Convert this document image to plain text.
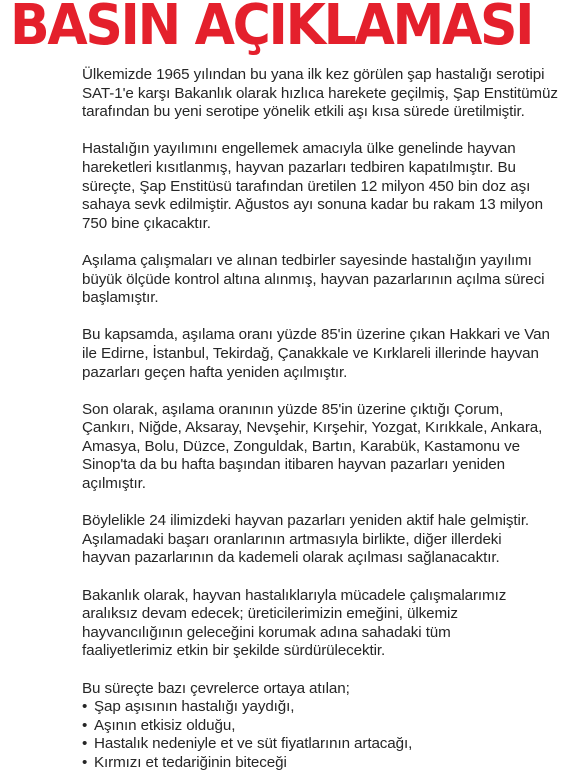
BASIN AÇIKLAMASI

Ülkemizde 1965 yılından bu yana ilk kez görülen şap hastalığı serotipi
SAT-1'e karşı Bakanlık olarak hızlıca harekete geçilmiş, Şap Enstitümüz
tarafından bu yeni serotipe yönelik etkili aşı kısa sürede üretilmiştir.

Hastalığın yayılımını engellemek amacıyla ülke genelinde hayvan
hareketleri kısıtlanmış, hayvan pazarları tedbiren kapatılmıştır. Bu
süreçte, Şap Enstitüsü tarafından üretilen 12 milyon 450 bin doz aşı
sahaya sevk edilmiştir. Ağustos ayı sonuna kadar bu rakam 13 milyon
750 bine çıkacaktır.

Aşılama çalışmaları ve alınan tedbirler sayesinde hastalığın yayılımı
büyük ölçüde kontrol altına alınmış, hayvan pazarlarının açılma süreci
başlamıştır.

Bu kapsamda, aşılama oranı yüzde 85'in üzerine çıkan Hakkari ve Van
ile Edirne, İstanbul, Tekirdağ, Çanakkale ve Kırklareli illerinde hayvan
pazarları geçen hafta yeniden açılmıştır.

Son olarak, aşılama oranının yüzde 85'in üzerine çıktığı Çorum,
Çankırı, Niğde, Aksaray, Nevşehir, Kırşehir, Yozgat, Kırıkkale, Ankara,
Amasya, Bolu, Düzce, Zonguldak, Bartın, Karabük, Kastamonu ve
Sinop'ta da bu hafta başından itibaren hayvan pazarları yeniden
açılmıştır.

Böylelikle 24 ilimizdeki hayvan pazarları yeniden aktif hale gelmiştir.
Aşılamadaki başarı oranlarının artmasıyla birlikte, diğer illerdeki
hayvan pazarlarının da kademeli olarak açılması sağlanacaktır.

Bakanlık olarak, hayvan hastalıklarıyla mücadele çalışmalarımız
aralıksız devam edecek; üreticilerimizin emeğini, ülkemiz
hayvancılığının geleceğini korumak adına sahadaki tüm
faaliyetlerimiz etkin bir şekilde sürdürülecektir.

Bu süreçte bazı çevrelerce ortaya atılan;
• Şap aşısının hastalığı yaydığı,
• Aşının etkisiz olduğu,
• Hastalık nedeniyle et ve süt fiyatlarının artacağı,
• Kırmızı et tedariğinin biteceği
